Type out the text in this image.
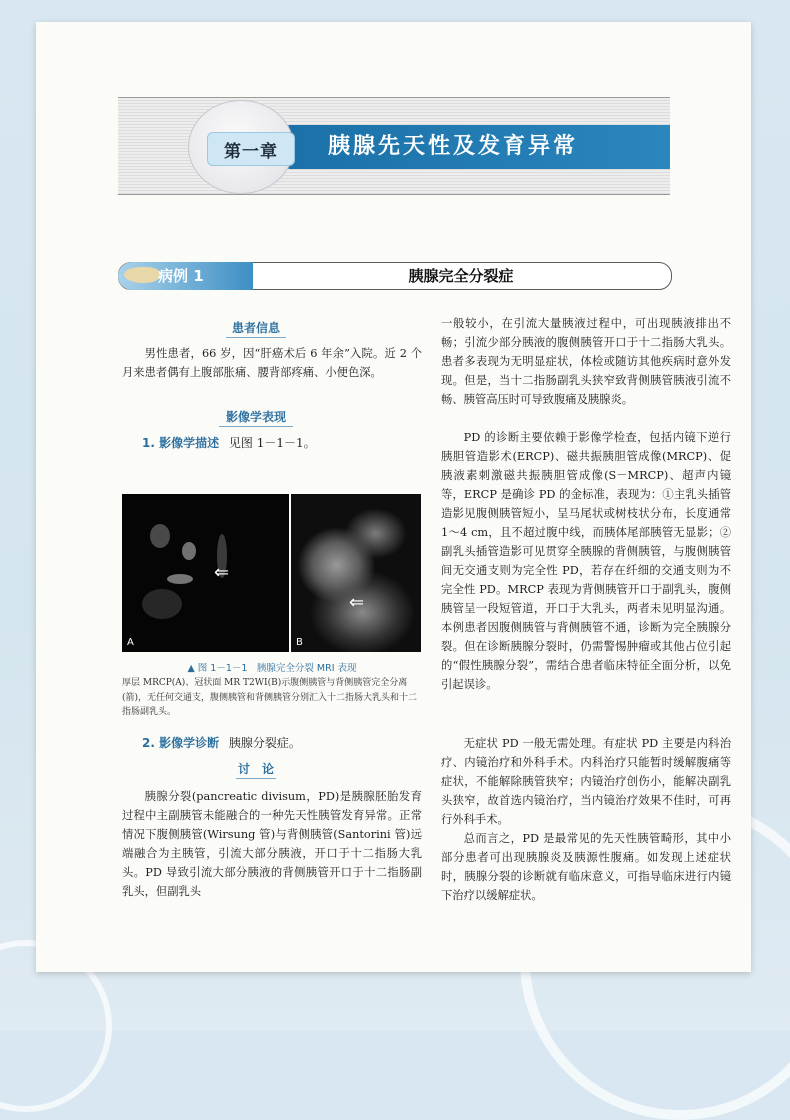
第一章	胰腺先天性及发育异常
病例 1	胰腺完全分裂症
患者信息
男性患者，66 岁，因“肝癌术后 6 年余”入院。近 2 个月来患者偶有上腹部胀痛、腰背部疼痛、小便色深。
影像学表现
1. 影像学描述 见图 1－1－1。
⇐
A
⇐
B
▲ 图 1－1－1　胰腺完全分裂 MRI 表现
厚层 MRCP(A)、冠状面 MR T2WI(B)示腹侧胰管与背侧胰管完全分离(箭)，无任何交通支，腹侧胰管和背侧胰管分别汇入十二指肠大乳头和十二指肠副乳头。
2. 影像学诊断 胰腺分裂症。
讨　论
胰腺分裂(pancreatic divisum，PD)是胰腺胚胎发育过程中主副胰管未能融合的一种先天性胰管发育异常。正常情况下腹侧胰管(Wirsung 管)与背侧胰管(Santorini 管)远端融合为主胰管，引流大部分胰液，开口于十二指肠大乳头。PD 导致引流大部分胰液的背侧胰管开口于十二指肠副乳头，但副乳头
一般较小，在引流大量胰液过程中，可出现胰液排出不畅；引流少部分胰液的腹侧胰管开口于十二指肠大乳头。患者多表现为无明显症状，体检或随访其他疾病时意外发现。但是，当十二指肠副乳头狭窄致背侧胰管胰液引流不畅、胰管高压时可导致腹痛及胰腺炎。
PD 的诊断主要依赖于影像学检查，包括内镜下逆行胰胆管造影术(ERCP)、磁共振胰胆管成像(MRCP)、促胰液素刺激磁共振胰胆管成像(S－MRCP)、超声内镜等，ERCP 是确诊 PD 的金标准，表现为：①主乳头插管造影见腹侧胰管短小，呈马尾状或树枝状分布，长度通常 1～4 cm，且不超过腹中线，而胰体尾部胰管无显影；②副乳头插管造影可见贯穿全胰腺的背侧胰管，与腹侧胰管间无交通支则为完全性 PD，若存在纤细的交通支则为不完全性 PD。MRCP 表现为背侧胰管开口于副乳头，腹侧胰管呈一段短管道，开口于大乳头，两者未见明显沟通。本例患者因腹侧胰管与背侧胰管不通，诊断为完全胰腺分裂。但在诊断胰腺分裂时，仍需警惕肿瘤或其他占位引起的“假性胰腺分裂”，需结合患者临床特征全面分析，以免引起误诊。
无症状 PD 一般无需处理。有症状 PD 主要是内科治疗、内镜治疗和外科手术。内科治疗只能暂时缓解腹痛等症状，不能解除胰管狭窄；内镜治疗创伤小，能解决副乳头狭窄，故首选内镜治疗，当内镜治疗效果不佳时，可再行外科手术。
总而言之，PD 是最常见的先天性胰管畸形，其中小部分患者可出现胰腺炎及胰源性腹痛。如发现上述症状时，胰腺分裂的诊断就有临床意义，可指导临床进行内镜下治疗以缓解症状。
